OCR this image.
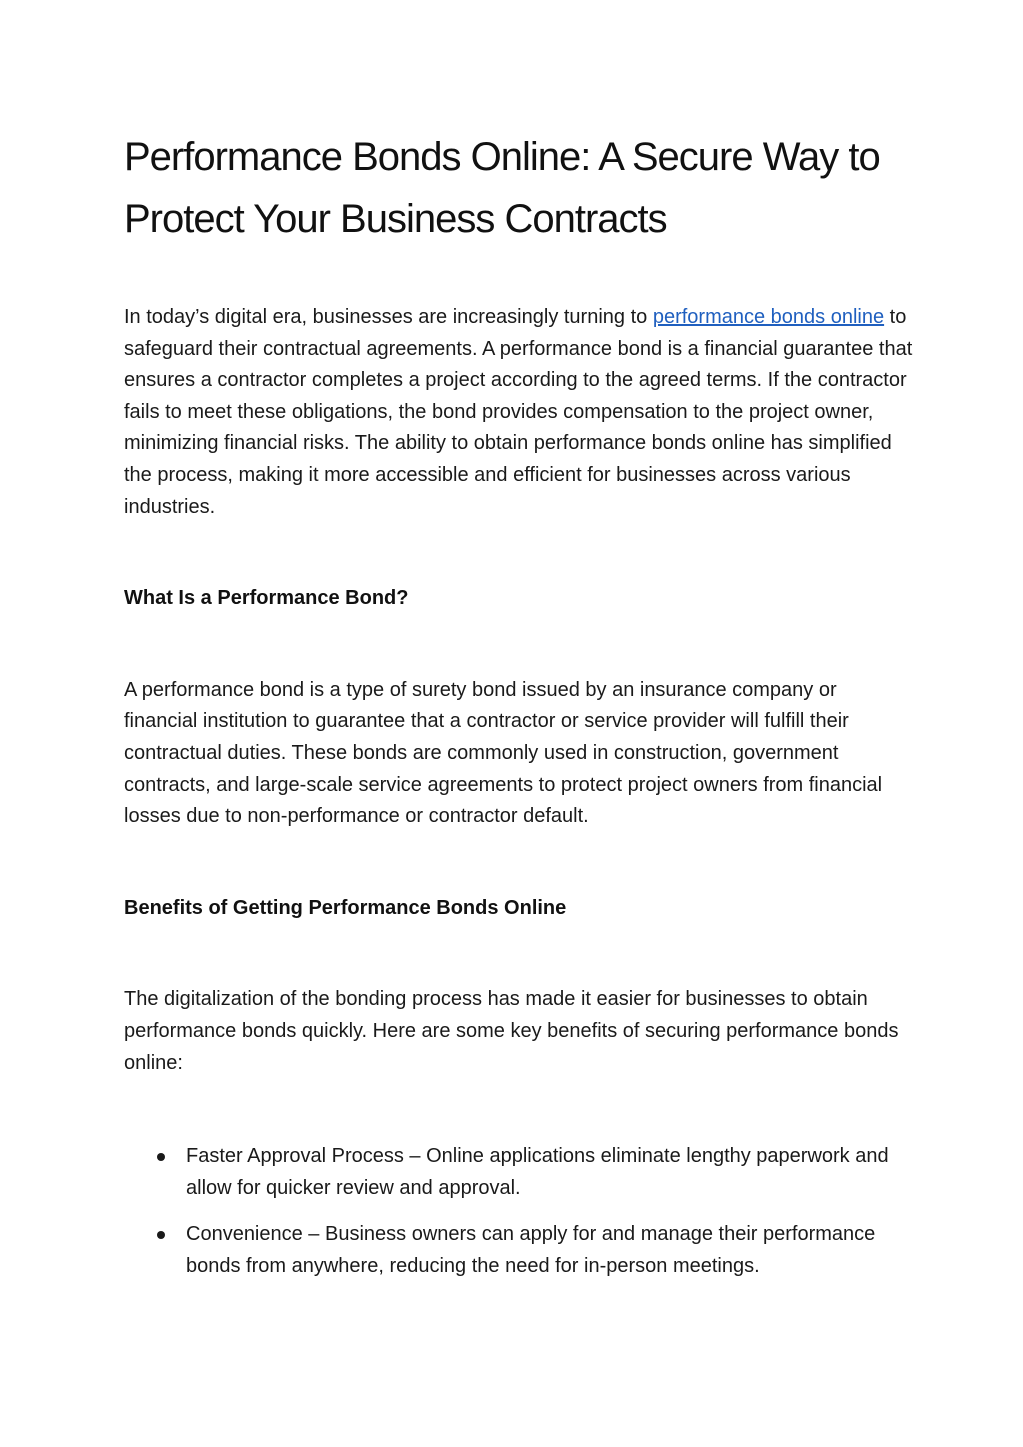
Performance Bonds Online: A Secure Way to Protect Your Business Contracts

In today’s digital era, businesses are increasingly turning to performance bonds online to safeguard their contractual agreements. A performance bond is a financial guarantee that ensures a contractor completes a project according to the agreed terms. If the contractor fails to meet these obligations, the bond provides compensation to the project owner, minimizing financial risks. The ability to obtain performance bonds online has simplified the process, making it more accessible and efficient for businesses across various industries.

What Is a Performance Bond?

A performance bond is a type of surety bond issued by an insurance company or financial institution to guarantee that a contractor or service provider will fulfill their contractual duties. These bonds are commonly used in construction, government contracts, and large-scale service agreements to protect project owners from financial losses due to non-performance or contractor default.

Benefits of Getting Performance Bonds Online

The digitalization of the bonding process has made it easier for businesses to obtain performance bonds quickly. Here are some key benefits of securing performance bonds online:

Faster Approval Process – Online applications eliminate lengthy paperwork and allow for quicker review and approval.
Convenience – Business owners can apply for and manage their performance bonds from anywhere, reducing the need for in-person meetings.
